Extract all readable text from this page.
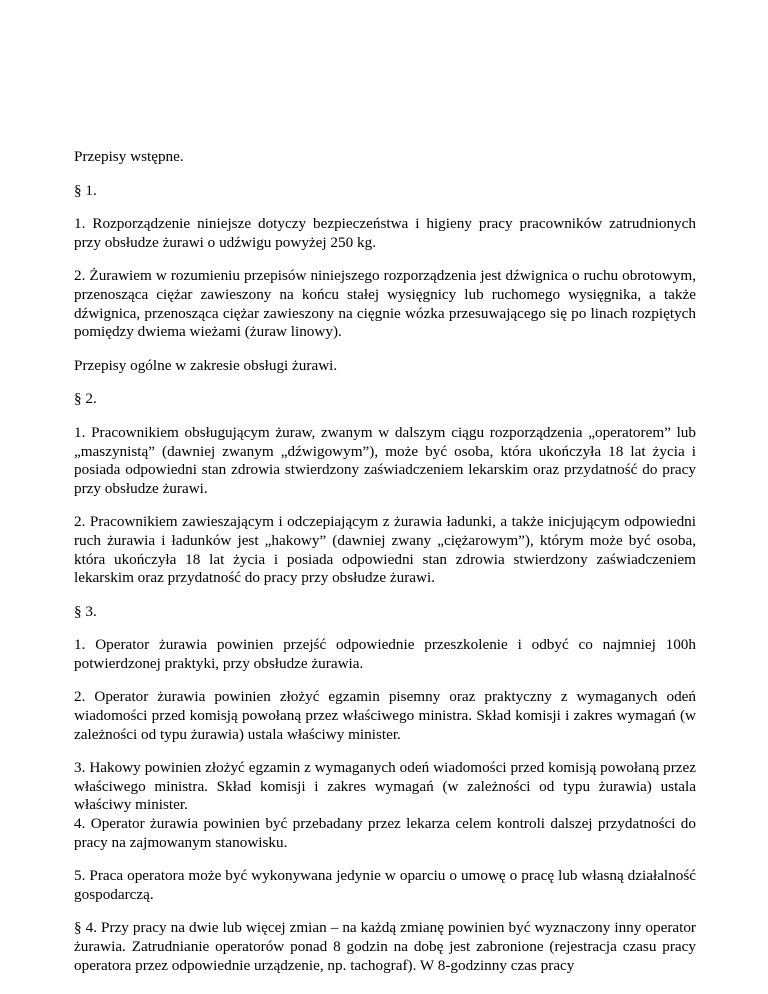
Przepisy wstępne.

§ 1.

1. Rozporządzenie niniejsze dotyczy bezpieczeństwa i higieny pracy pracowników zatrudnionych przy obsłudze żurawi o udźwigu powyżej 250 kg.

2. Żurawiem w rozumieniu przepisów niniejszego rozporządzenia jest dźwignica o ruchu obrotowym, przenosząca ciężar zawieszony na końcu stałej wysięgnicy lub ruchomego wysięgnika, a także dźwignica, przenosząca ciężar zawieszony na cięgnie wózka przesuwającego się po linach rozpiętych pomiędzy dwiema wieżami (żuraw linowy).

Przepisy ogólne w zakresie obsługi żurawi.

§ 2.

1. Pracownikiem obsługującym żuraw, zwanym w dalszym ciągu rozporządzenia „operatorem” lub „maszynistą” (dawniej zwanym „dźwigowym”), może być osoba, która ukończyła 18 lat życia i posiada odpowiedni stan zdrowia stwierdzony zaświadczeniem lekarskim oraz przydatność do pracy przy obsłudze żurawi.

2. Pracownikiem zawieszającym i odczepiającym z żurawia ładunki, a także inicjującym odpowiedni ruch żurawia i ładunków jest „hakowy” (dawniej zwany „ciężarowym”), którym może być osoba, która ukończyła 18 lat życia i posiada odpowiedni stan zdrowia stwierdzony zaświadczeniem lekarskim oraz przydatność do pracy przy obsłudze żurawi.

§ 3.

1. Operator żurawia powinien przejść odpowiednie przeszkolenie i odbyć co najmniej 100h potwierdzonej praktyki, przy obsłudze żurawia.

2. Operator żurawia powinien złożyć egzamin pisemny oraz praktyczny z wymaganych odeń wiadomości przed komisją powołaną przez właściwego ministra. Skład komisji i zakres wymagań (w zależności od typu żurawia) ustala właściwy minister.

3. Hakowy powinien złożyć egzamin z wymaganych odeń wiadomości przed komisją powołaną przez właściwego ministra. Skład komisji i zakres wymagań (w zależności od typu żurawia) ustala właściwy minister.

4. Operator żurawia powinien być przebadany przez lekarza celem kontroli dalszej przydatności do pracy na zajmowanym stanowisku.

5. Praca operatora może być wykonywana jedynie w oparciu o umowę o pracę lub własną działalność gospodarczą.

§ 4. Przy pracy na dwie lub więcej zmian – na każdą zmianę powinien być wyznaczony inny operator żurawia. Zatrudnianie operatorów ponad 8 godzin na dobę jest zabronione (rejestracja czasu pracy operatora przez odpowiednie urządzenie, np. tachograf). W 8-godzinny czas pracy
